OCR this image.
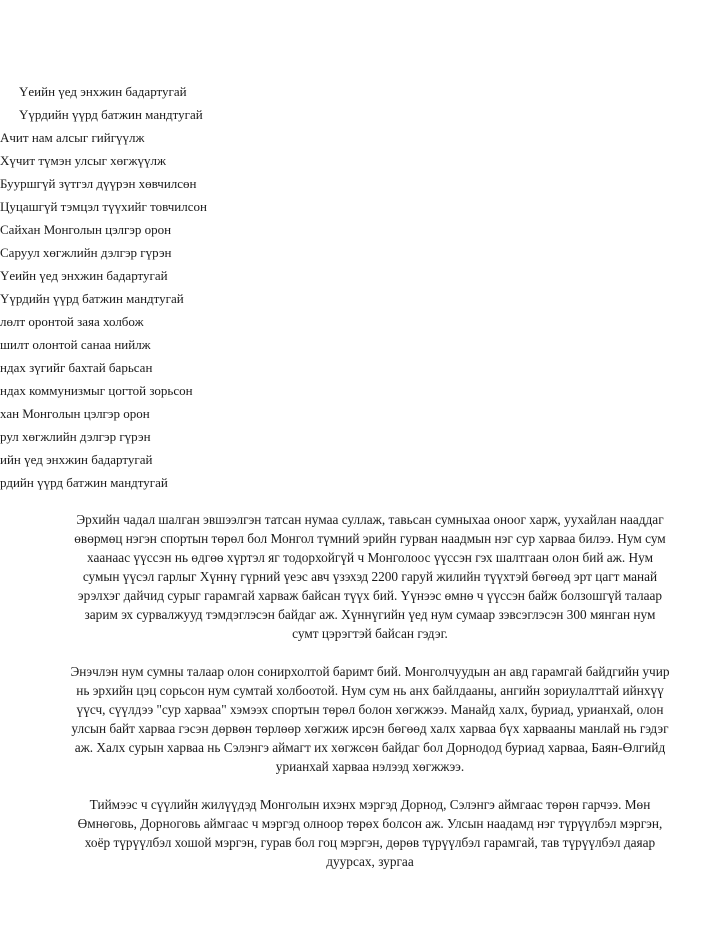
Үеийн үед энхжин бадартугай
Үүрдийн үүрд батжин мандтугай
Ачит нам алсыг гийгүүлж
Хүчит түмэн улсыг хөгжүүлж
Бууршгүй зүтгэл дүүрэн хөвчилсөн
Цуцашгүй тэмцэл түүхийг товчилсон
Сайхан Монголын цэлгэр орон
Саруул хөгжлийн дэлгэр гүрэн
Үеийн үед энхжин бадартугай
Үүрдийн үүрд батжин мандтугай
лөлт оронтой заяа холбож
шилт олонтой санаа нийлж
ндах зүгийг бахтай барьсан
ндах коммунизмыг цогтой зорьсон
хан Монголын цэлгэр орон
рул хөгжлийн дэлгэр гүрэн
ийн үед энхжин бадартугай
рдийн үүрд батжин мандтугай

Эрхийн чадал шалган эвшээлгэн татсан нумаа суллаж, тавьсан сумныхаа оноог харж, уухайлан нааддаг өвөрмөц нэгэн спортын төрөл бол Монгол түмний эрийн гурван наадмын нэг сур харваа билээ. Нум сум хаанаас үүссэн нь өдгөө хүртэл яг тодорхойгүй ч Монголоос үүссэн гэх шалтгаан олон бий аж. Нум сумын үүсэл гарлыг Хүннү гүрний үеэс авч үзэхэд 2200 гаруй жилийн түүхтэй бөгөөд эрт цагт манай эрэлхэг дайчид сурыг гарамгай харваж байсан түүх бий. Үүнээс өмнө ч үүссэн байж болзошгүй талаар зарим эх сурвалжууд тэмдэглэсэн байдаг аж. Хүннүгийн үед нум сумаар зэвсэглэсэн 300 мянган нум сумт цэрэгтэй байсан гэдэг.

Энэчлэн нум сумны талаар олон сонирхолтой баримт бий. Монголчуудын ан авд гарамгай байдгийн учир нь эрхийн цэц сорьсон нум сумтай холбоотой. Нум сум нь анх байлдааны, ангийн зориулалттай ийнхүү үүсч, сүүлдээ "сур харваа" хэмээх спортын төрөл болон хөгжжээ. Манайд халх, буриад, урианхай, олон улсын байт харваа гэсэн дөрвөн төрлөөр хөгжиж ирсэн бөгөөд халх харваа бүх харвааны манлай нь гэдэг аж. Халх сурын харваа нь Сэлэнгэ аймагт их хөгжсөн байдаг бол Дорнодод буриад харваа, Баян-Өлгийд урианхай харваа нэлээд хөгжжээ.

Тиймээс ч сүүлийн жилүүдэд Монголын ихэнх мэргэд Дорнод, Сэлэнгэ аймгаас төрөн гарчээ. Мөн Өмнөговь, Дорноговь аймгаас ч мэргэд олноор төрөх болсон аж. Улсын наадамд нэг түрүүлбэл мэргэн, хоёр түрүүлбэл хошой мэргэн, гурав бол гоц мэргэн, дөрөв түрүүлбэл гарамгай, тав түрүүлбэл даяар дуурсах, зургаа
